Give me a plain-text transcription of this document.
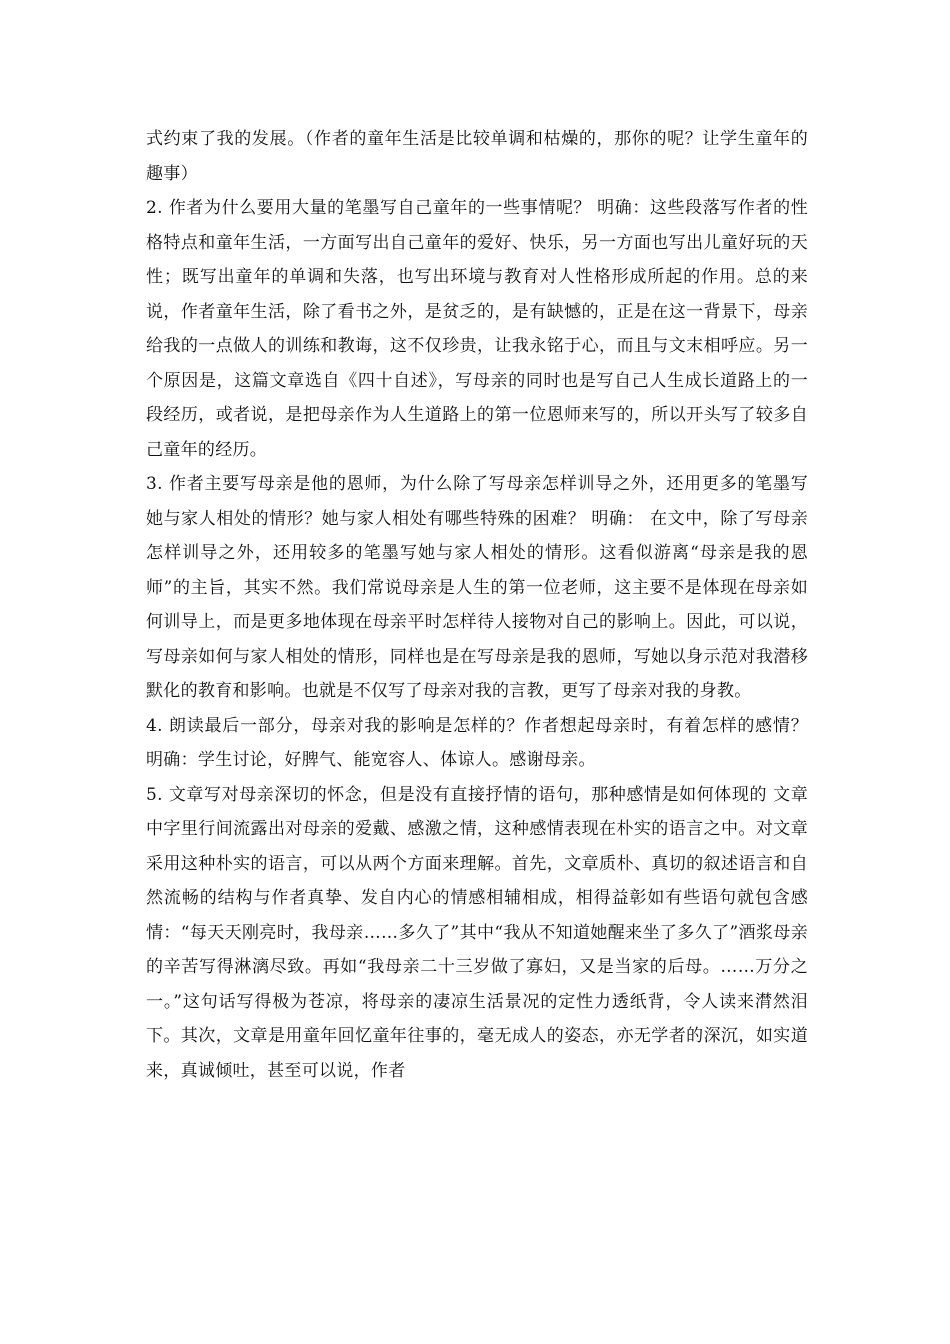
式约束了我的发展。（作者的童年生活是比较单调和枯燥的，那你的呢？让学生童年的趣事）

2. 作者为什么要用大量的笔墨写自己童年的一些事情呢？ 明确：这些段落写作者的性格特点和童年生活，一方面写出自己童年的爱好、快乐，另一方面也写出儿童好玩的天性；既写出童年的单调和失落，也写出环境与教育对人性格形成所起的作用。总的来说，作者童年生活，除了看书之外，是贫乏的，是有缺憾的，正是在这一背景下，母亲给我的一点做人的训练和教诲，这不仅珍贵，让我永铭于心，而且与文末相呼应。另一个原因是，这篇文章选自《四十自述》，写母亲的同时也是写自己人生成长道路上的一段经历，或者说，是把母亲作为人生道路上的第一位恩师来写的，所以开头写了较多自己童年的经历。

3. 作者主要写母亲是他的恩师，为什么除了写母亲怎样训导之外，还用更多的笔墨写她与家人相处的情形？她与家人相处有哪些特殊的困难？ 明确： 在文中，除了写母亲怎样训导之外，还用较多的笔墨写她与家人相处的情形。这看似游离“母亲是我的恩师”的主旨，其实不然。我们常说母亲是人生的第一位老师，这主要不是体现在母亲如何训导上，而是更多地体现在母亲平时怎样待人接物对自己的影响上。因此，可以说，写母亲如何与家人相处的情形，同样也是在写母亲是我的恩师，写她以身示范对我潜移默化的教育和影响。也就是不仅写了母亲对我的言教，更写了母亲对我的身教。

4. 朗读最后一部分，母亲对我的影响是怎样的？作者想起母亲时，有着怎样的感情？ 明确：学生讨论，好脾气、能宽容人、体谅人。感谢母亲。

5. 文章写对母亲深切的怀念，但是没有直接抒情的语句，那种感情是如何体现的 文章中字里行间流露出对母亲的爱戴、感激之情，这种感情表现在朴实的语言之中。对文章采用这种朴实的语言，可以从两个方面来理解。首先，文章质朴、真切的叙述语言和自然流畅的结构与作者真挚、发自内心的情感相辅相成，相得益彰如有些语句就包含感情：“每天天刚亮时，我母亲……多久了”其中“我从不知道她醒来坐了多久了”酒浆母亲的辛苦写得淋漓尽致。再如“我母亲二十三岁做了寡妇，又是当家的后母。……万分之一。”这句话写得极为苍凉，将母亲的凄凉生活景况的定性力透纸背，令人读来潸然泪下。其次，文章是用童年回忆童年往事的，毫无成人的姿态，亦无学者的深沉，如实道来，真诚倾吐，甚至可以说，作者
